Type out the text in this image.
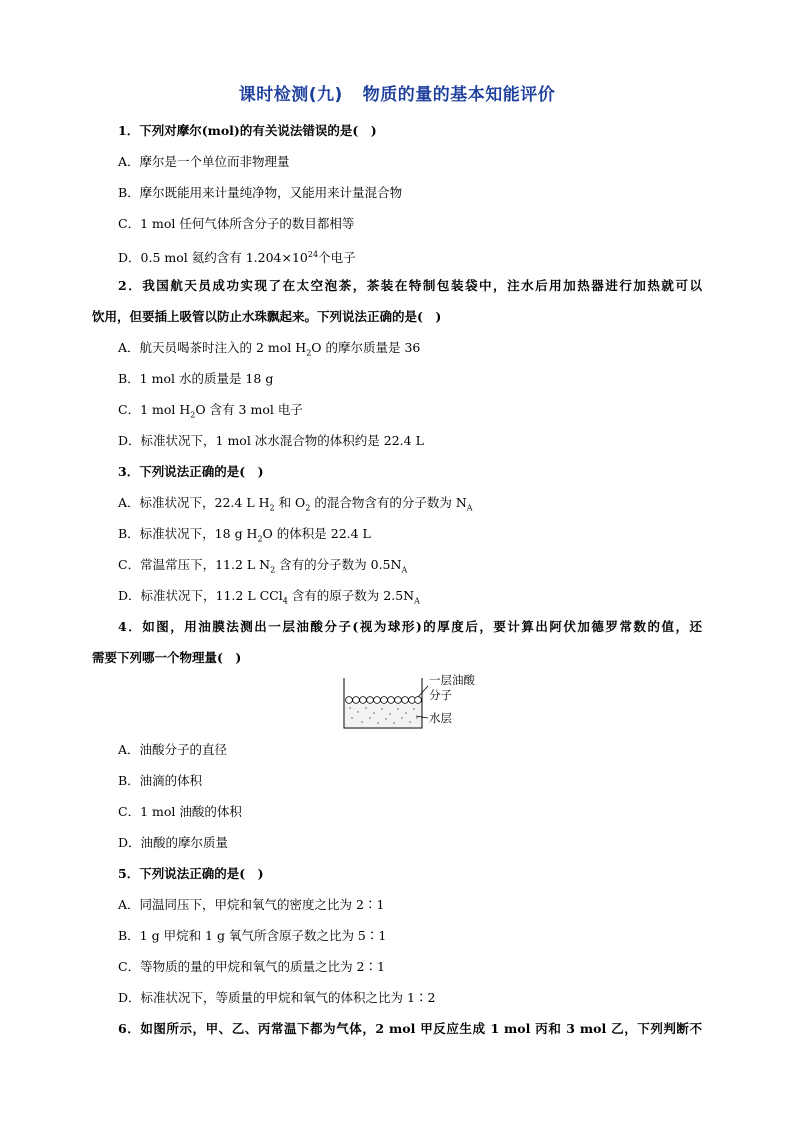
课时检测(九) 物质的量的基本知能评价
1．下列对摩尔(mol)的有关说法错误的是(　)
A．摩尔是一个单位而非物理量
B．摩尔既能用来计量纯净物，又能用来计量混合物
C．1 mol 任何气体所含分子的数目都相等
D．0.5 mol 氦约含有 $1.204\times 10^{24}$个电子
2．我国航天员成功实现了在太空泡茶，茶装在特制包装袋中，注水后用加热器进行加热就可以
饮用，但要插上吸管以防止水珠飘起来。下列说法正确的是(　)
A．航天员喝茶时注入的 2 mol $H_2O$ 的摩尔质量是 36
B．1 mol 水的质量是 18 g
C．1 mol $H_2O$ 含有 3 mol 电子
D．标准状况下，1 mol 冰水混合物的体积约是 22.4 L
3．下列说法正确的是(　)
A．标准状况下，22.4 L $H_2$ 和 $O_2$ 的混合物含有的分子数为 $N_A$
B．标准状况下，18 g $H_2O$ 的体积是 22.4 L
C．常温常压下，11.2 L $N_2$ 含有的分子数为 $0.5N_A$
D．标准状况下，11.2 L CCl$_4$ 含有的原子数为 $2.5N_A$
4．如图，用油膜法测出一层油酸分子(视为球形)的厚度后，要计算出阿伏加德罗常数的值，还
需要下列哪一个物理量(　)
一层油酸
分子
水层
A．油酸分子的直径
B．油滴的体积
C．1 mol 油酸的体积
D．油酸的摩尔质量
5．下列说法正确的是(　)
A．同温同压下，甲烷和氧气的密度之比为 2∶1
B．1 g 甲烷和 1 g 氧气所含原子数之比为 5∶1
C．等物质的量的甲烷和氧气的质量之比为 2∶1
D．标准状况下，等质量的甲烷和氧气的体积之比为 1∶2
6．如图所示，甲、乙、丙常温下都为气体，2 mol 甲反应生成 1 mol 丙和 3 mol 乙，下列判断不
